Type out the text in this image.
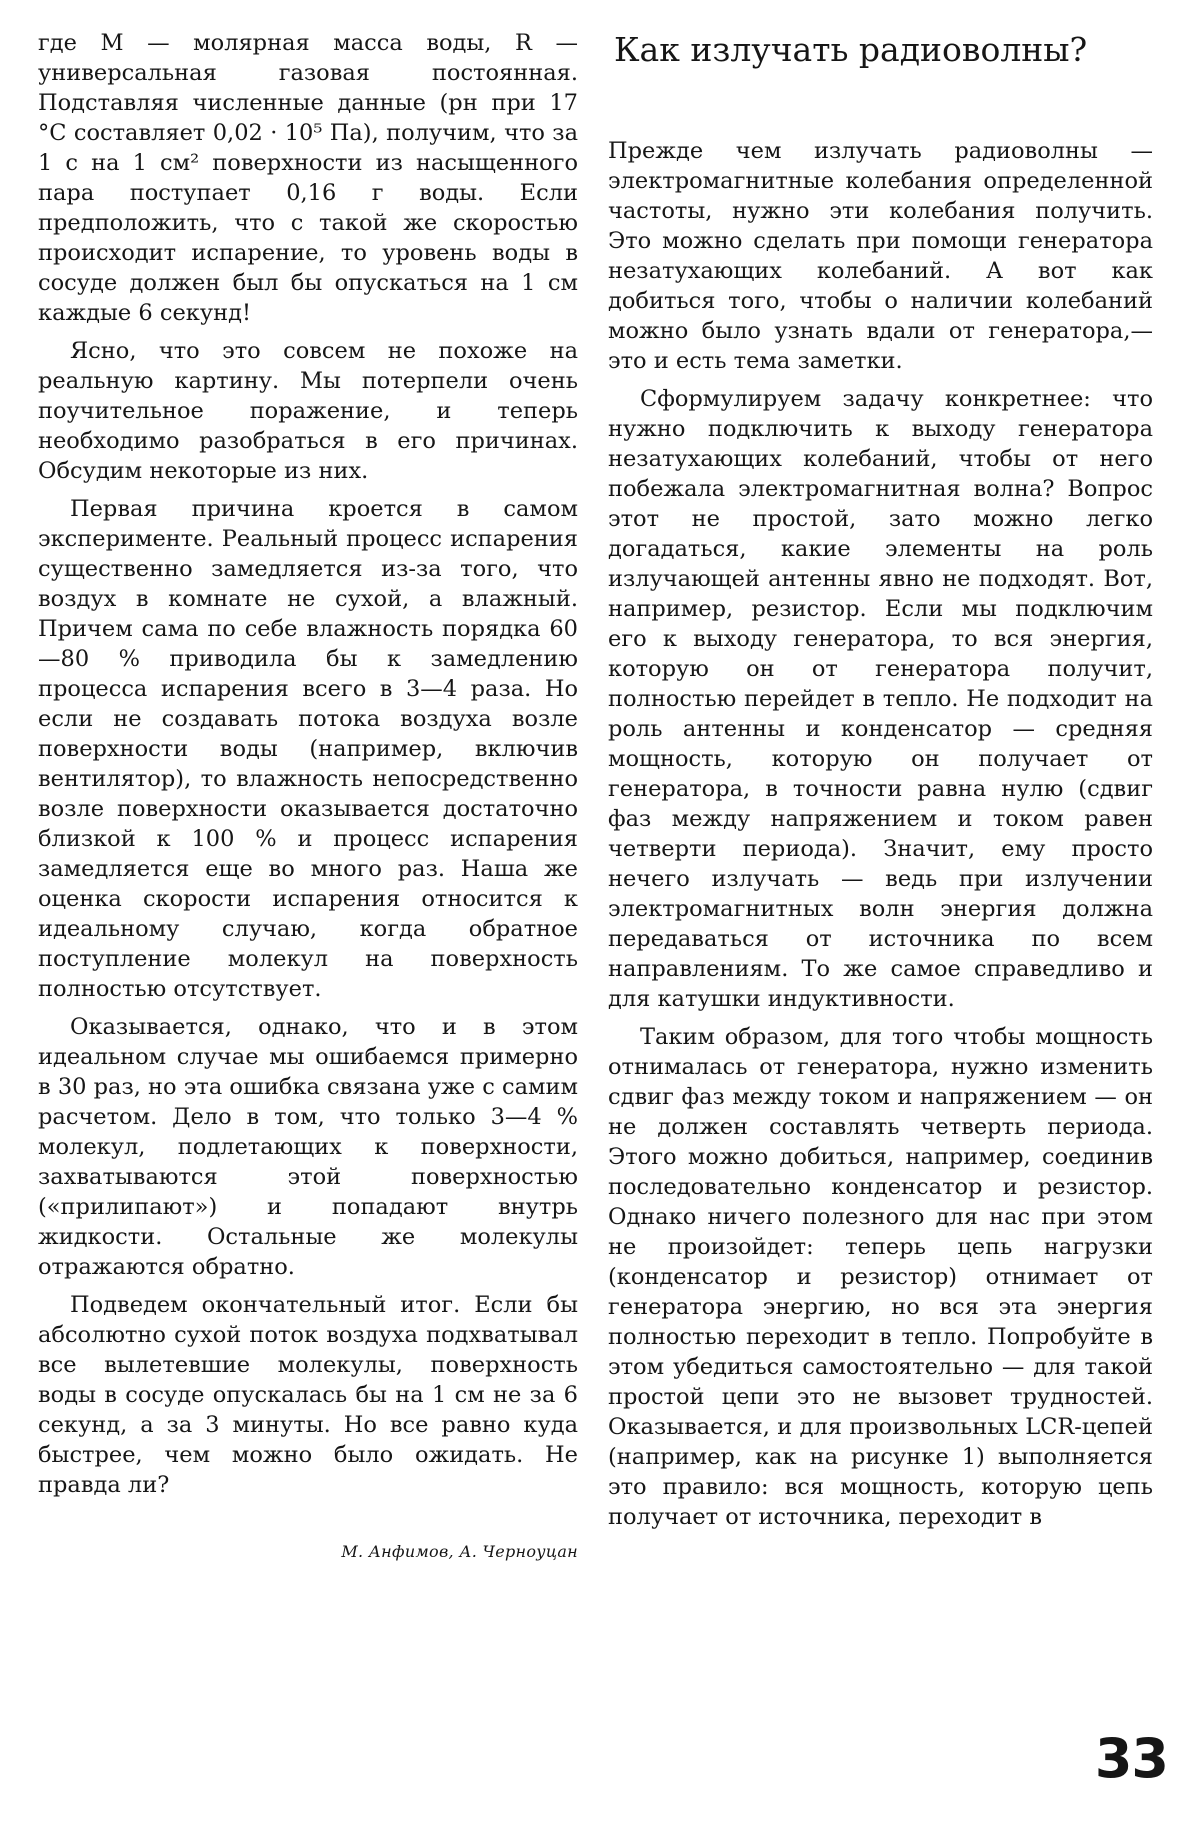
где M — молярная масса воды, R — универсальная газовая постоянная. Подставляя численные данные (pн при 17 °С составляет 0,02 · 10⁵ Па), получим, что за 1 с на 1 см² поверхности из насыщенного пара поступает 0,16 г воды. Если предположить, что с такой же скоростью происходит испарение, то уровень воды в сосуде должен был бы опускаться на 1 см каждые 6 секунд!

Ясно, что это совсем не похоже на реальную картину. Мы потерпели очень поучительное поражение, и теперь необходимо разобраться в его причинах. Обсудим некоторые из них.

Первая причина кроется в самом эксперименте. Реальный процесс испарения существенно замедляется из-за того, что воздух в комнате не сухой, а влажный. Причем сама по себе влажность порядка 60—80 % приводила бы к замедлению процесса испарения всего в 3—4 раза. Но если не создавать потока воздуха возле поверхности воды (например, включив вентилятор), то влажность непосредственно возле поверхности оказывается достаточно близкой к 100 % и процесс испарения замедляется еще во много раз. Наша же оценка скорости испарения относится к идеальному случаю, когда обратное поступление молекул на поверхность полностью отсутствует.

Оказывается, однако, что и в этом идеальном случае мы ошибаемся примерно в 30 раз, но эта ошибка связана уже с самим расчетом. Дело в том, что только 3—4 % молекул, подлетающих к поверхности, захватываются этой поверхностью («прилипают») и попадают внутрь жидкости. Остальные же молекулы отражаются обратно.

Подведем окончательный итог. Если бы абсолютно сухой поток воздуха подхватывал все вылетевшие молекулы, поверхность воды в сосуде опускалась бы на 1 см не за 6 секунд, а за 3 минуты. Но все равно куда быстрее, чем можно было ожидать. Не правда ли?

М. Анфимов, А. Черноуцан
Как излучать радиоволны?

Прежде чем излучать радиоволны — электромагнитные колебания определенной частоты, нужно эти колебания получить. Это можно сделать при помощи генератора незатухающих колебаний. А вот как добиться того, чтобы о наличии колебаний можно было узнать вдали от генератора,— это и есть тема заметки.

Сформулируем задачу конкретнее: что нужно подключить к выходу генератора незатухающих колебаний, чтобы от него побежала электромагнитная волна? Вопрос этот не простой, зато можно легко догадаться, какие элементы на роль излучающей антенны явно не подходят. Вот, например, резистор. Если мы подключим его к выходу генератора, то вся энергия, которую он от генератора получит, полностью перейдет в тепло. Не подходит на роль антенны и конденсатор — средняя мощность, которую он получает от генератора, в точности равна нулю (сдвиг фаз между напряжением и током равен четверти периода). Значит, ему просто нечего излучать — ведь при излучении электромагнитных волн энергия должна передаваться от источника по всем направлениям. То же самое справедливо и для катушки индуктивности.

Таким образом, для того чтобы мощность отнималась от генератора, нужно изменить сдвиг фаз между током и напряжением — он не должен составлять четверть периода. Этого можно добиться, например, соединив последовательно конденсатор и резистор. Однако ничего полезного для нас при этом не произойдет: теперь цепь нагрузки (конденсатор и резистор) отнимает от генератора энергию, но вся эта энергия полностью переходит в тепло. Попробуйте в этом убедиться самостоятельно — для такой простой цепи это не вызовет трудностей. Оказывается, и для произвольных LCR-цепей (например, как на рисунке 1) выполняется это правило: вся мощность, которую цепь получает от источника, переходит в

33
